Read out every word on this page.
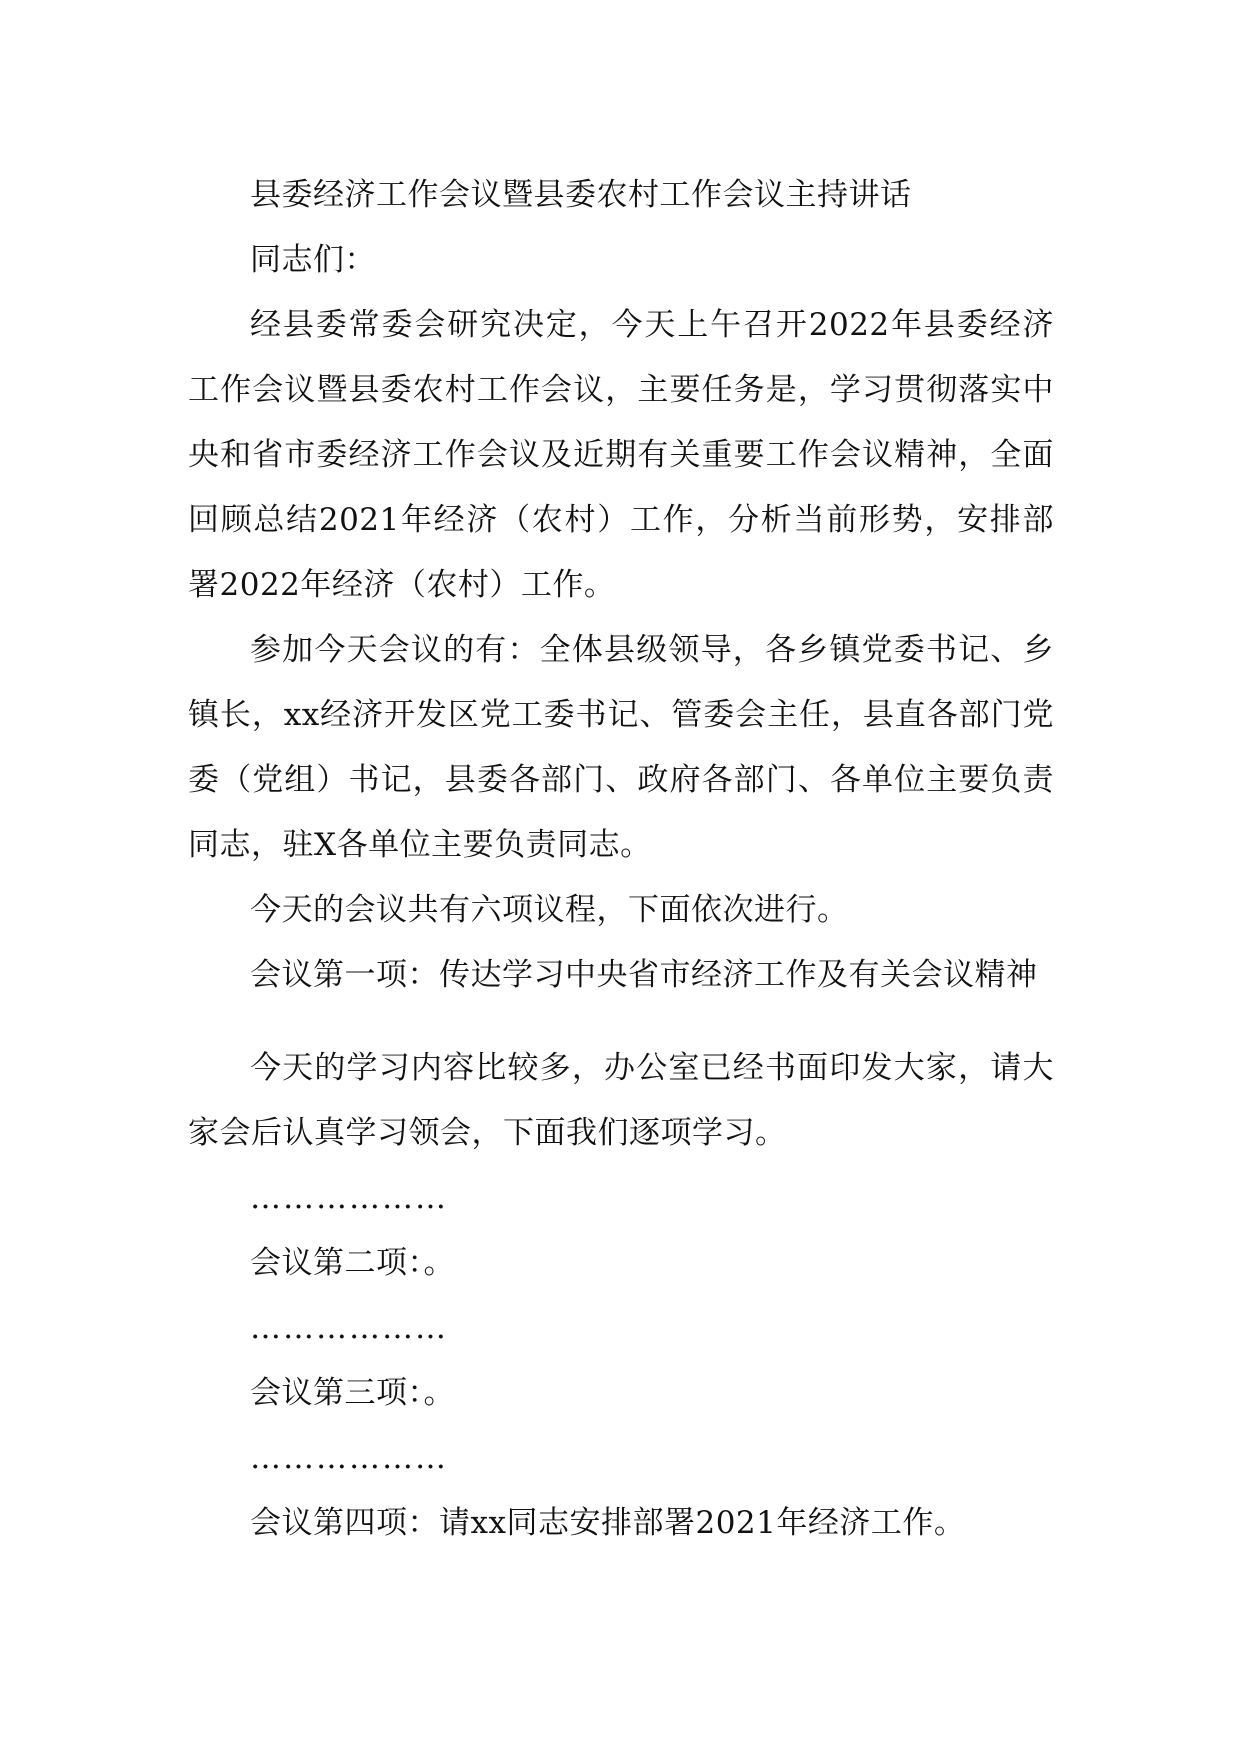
县委经济工作会议暨县委农村工作会议主持讲话

同志们：

经县委常委会研究决定，今天上午召开2022年县委经济工作会议暨县委农村工作会议，主要任务是，学习贯彻落实中央和省市委经济工作会议及近期有关重要工作会议精神，全面回顾总结2021年经济（农村）工作，分析当前形势，安排部署2022年经济（农村）工作。

参加今天会议的有：全体县级领导，各乡镇党委书记、乡镇长，xx经济开发区党工委书记、管委会主任，县直各部门党委（党组）书记，县委各部门、政府各部门、各单位主要负责同志，驻X各单位主要负责同志。

今天的会议共有六项议程，下面依次进行。

会议第一项：传达学习中央省市经济工作及有关会议精神

今天的学习内容比较多，办公室已经书面印发大家，请大家会后认真学习领会，下面我们逐项学习。

………………

会议第二项：。

………………

会议第三项：。

………………

会议第四项：请xx同志安排部署2021年经济工作。
